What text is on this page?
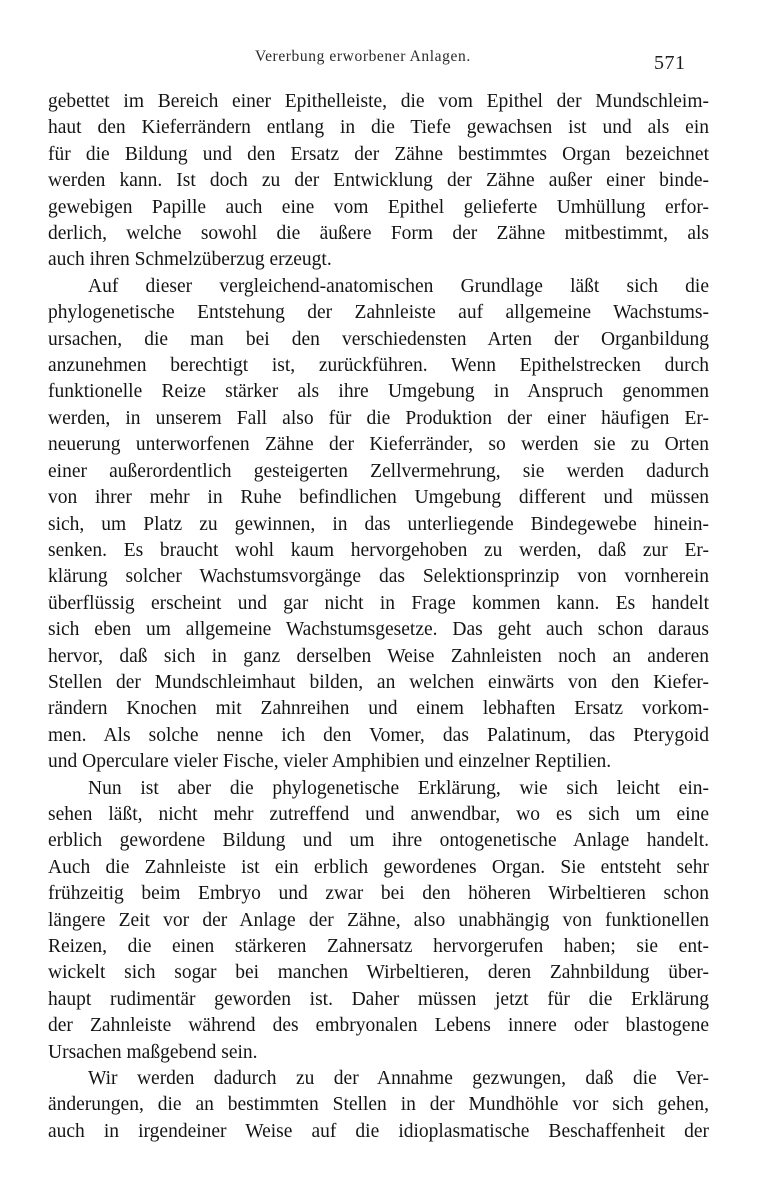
Vererbung erworbener Anlagen.	571
gebettet im Bereich einer Epithelleiste, die vom Epithel der Mundschleim-
haut den Kieferrändern entlang in die Tiefe gewachsen ist und als ein
für die Bildung und den Ersatz der Zähne bestimmtes Organ bezeichnet
werden kann. Ist doch zu der Entwicklung der Zähne außer einer binde-
gewebigen Papille auch eine vom Epithel gelieferte Umhüllung erfor-
derlich, welche sowohl die äußere Form der Zähne mitbestimmt, als
auch ihren Schmelzüberzug erzeugt.
Auf dieser vergleichend-anatomischen Grundlage läßt sich die
phylogenetische Entstehung der Zahnleiste auf allgemeine Wachstums-
ursachen, die man bei den verschiedensten Arten der Organbildung
anzunehmen berechtigt ist, zurückführen. Wenn Epithelstrecken durch
funktionelle Reize stärker als ihre Umgebung in Anspruch genommen
werden, in unserem Fall also für die Produktion der einer häufigen Er-
neuerung unterworfenen Zähne der Kieferränder, so werden sie zu Orten
einer außerordentlich gesteigerten Zellvermehrung, sie werden dadurch
von ihrer mehr in Ruhe befindlichen Umgebung different und müssen
sich, um Platz zu gewinnen, in das unterliegende Bindegewebe hinein-
senken. Es braucht wohl kaum hervorgehoben zu werden, daß zur Er-
klärung solcher Wachstumsvorgänge das Selektionsprinzip von vornherein
überflüssig erscheint und gar nicht in Frage kommen kann. Es handelt
sich eben um allgemeine Wachstumsgesetze. Das geht auch schon daraus
hervor, daß sich in ganz derselben Weise Zahnleisten noch an anderen
Stellen der Mundschleimhaut bilden, an welchen einwärts von den Kiefer-
rändern Knochen mit Zahnreihen und einem lebhaften Ersatz vorkom-
men. Als solche nenne ich den Vomer, das Palatinum, das Pterygoid
und Operculare vieler Fische, vieler Amphibien und einzelner Reptilien.
Nun ist aber die phylogenetische Erklärung, wie sich leicht ein-
sehen läßt, nicht mehr zutreffend und anwendbar, wo es sich um eine
erblich gewordene Bildung und um ihre ontogenetische Anlage handelt.
Auch die Zahnleiste ist ein erblich gewordenes Organ. Sie entsteht sehr
frühzeitig beim Embryo und zwar bei den höheren Wirbeltieren schon
längere Zeit vor der Anlage der Zähne, also unabhängig von funktionellen
Reizen, die einen stärkeren Zahnersatz hervorgerufen haben; sie ent-
wickelt sich sogar bei manchen Wirbeltieren, deren Zahnbildung über-
haupt rudimentär geworden ist. Daher müssen jetzt für die Erklärung
der Zahnleiste während des embryonalen Lebens innere oder blastogene
Ursachen maßgebend sein.
Wir werden dadurch zu der Annahme gezwungen, daß die Ver-
änderungen, die an bestimmten Stellen in der Mundhöhle vor sich gehen,
auch in irgendeiner Weise auf die idioplasmatische Beschaffenheit der
